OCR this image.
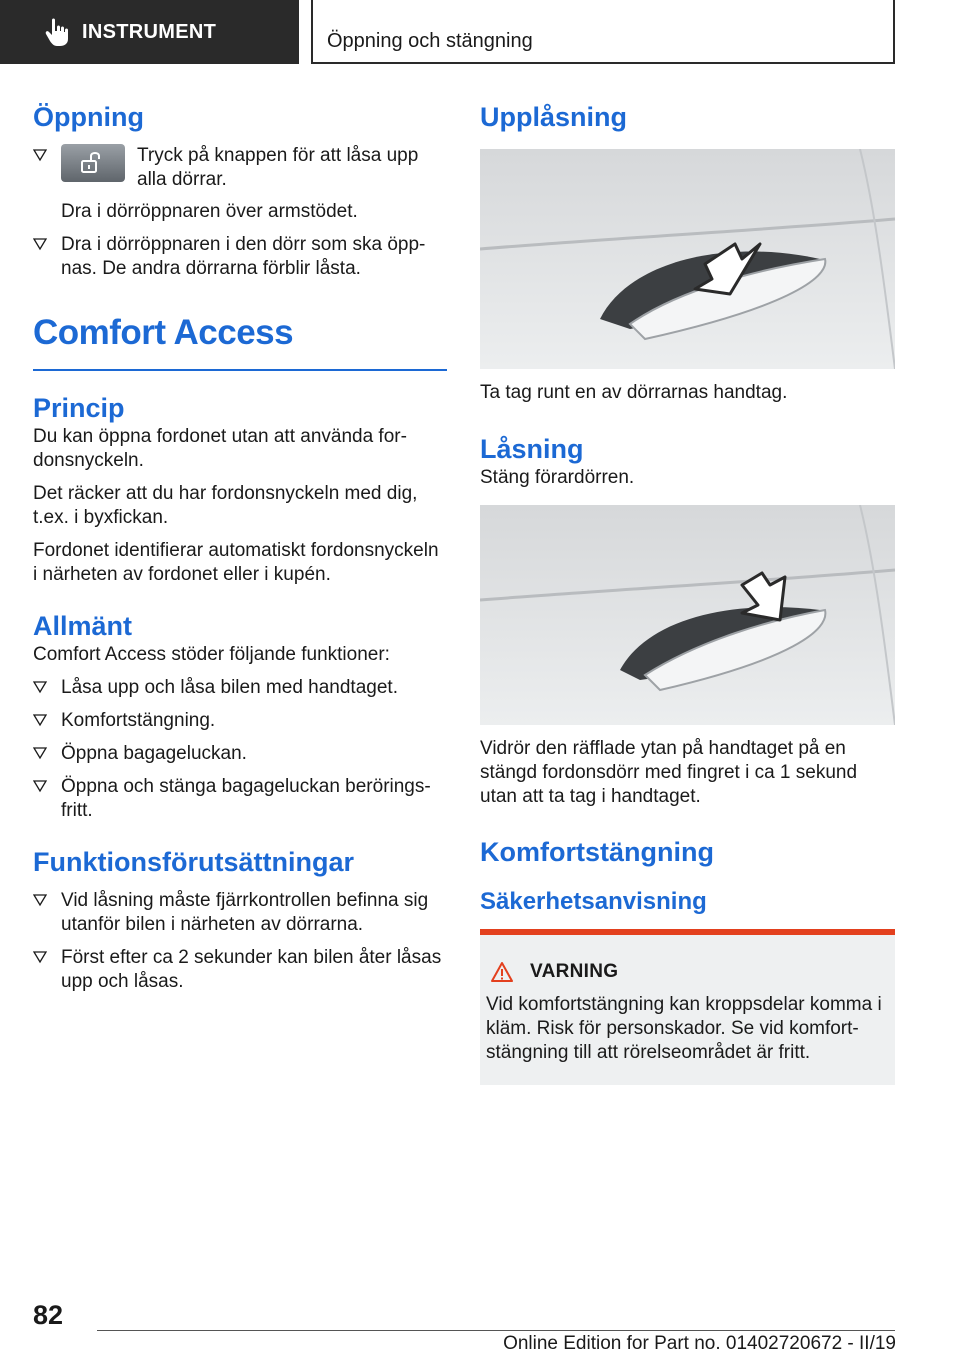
INSTRUMENT	Öppning och stängning
Öppning
Tryck på knappen för att låsa upp
alla dörrar.

Dra i dörröppnaren över armstödet.

Dra i dörröppnaren i den dörr som ska öpp-
nas. De andra dörrarna förblir låsta.
Comfort Access
Princip

Du kan öppna fordonet utan att använda for-
donsnyckeln.

Det räcker att du har fordonsnyckeln med dig,
t.ex. i byxfickan.

Fordonet identifierar automatiskt fordonsnyckeln
i närheten av fordonet eller i kupén.

Allmänt

Comfort Access stöder följande funktioner:

Låsa upp och låsa bilen med handtaget.
Komfortstängning.
Öppna bagageluckan.
Öppna och stänga bagageluckan berörings-
fritt.
Funktionsförutsättningar
Vid låsning måste fjärrkontrollen befinna sig
utanför bilen i närheten av dörrarna.
Först efter ca 2 sekunder kan bilen åter låsas
upp och låsas.
Upplåsning

Ta tag runt en av dörrarnas handtag.

Låsning

Stäng förardörren.

Vidrör den räfflade ytan på handtaget på en
stängd fordonsdörr med fingret i ca 1 sekund
utan att ta tag i handtaget.

Komfortstängning
Säkerhetsanvisning
VARNING
Vid komfortstängning kan kroppsdelar komma i
kläm. Risk för personskador. Se vid komfort-
stängning till att rörelseområdet är fritt.
82
Online Edition for Part no. 01402720672 - II/19
